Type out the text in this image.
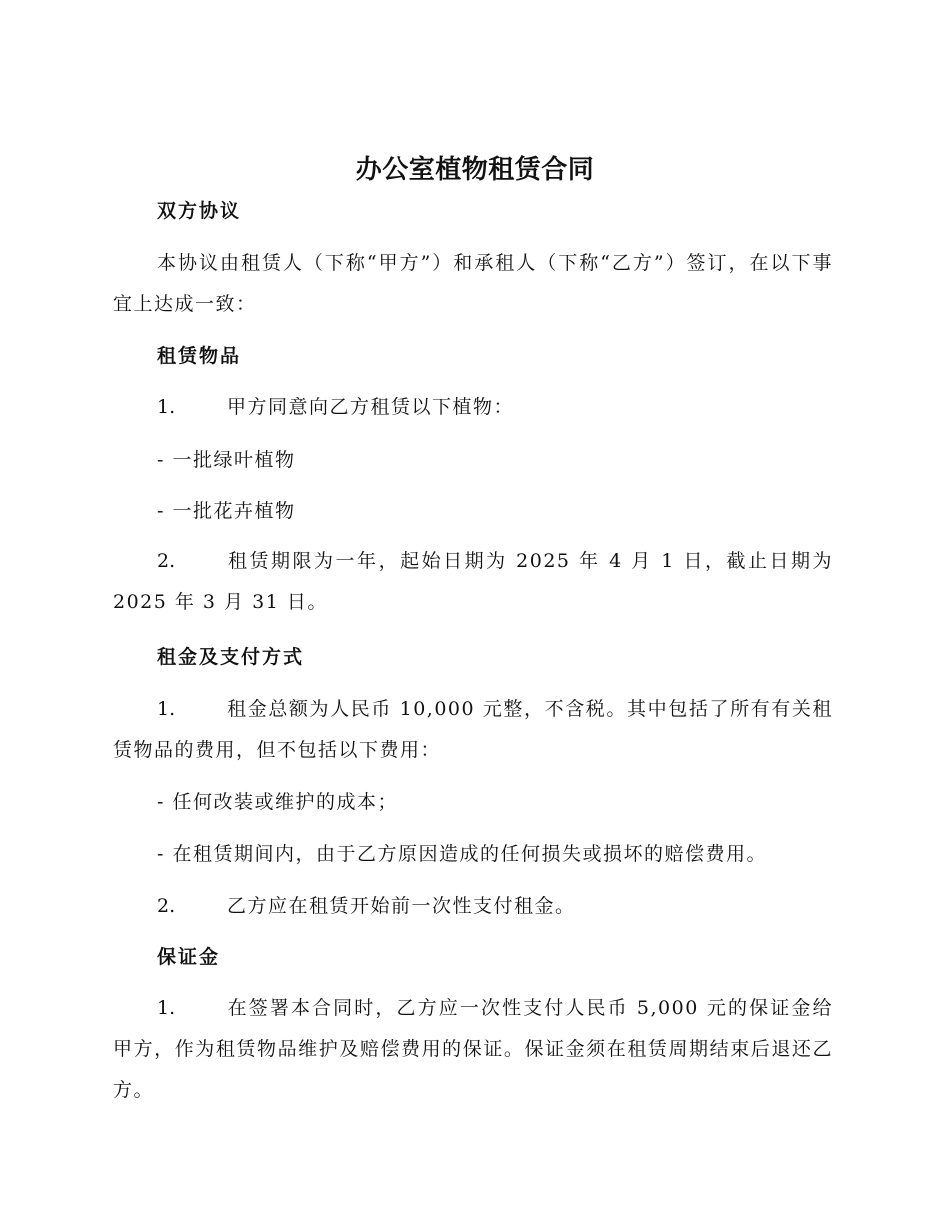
办公室植物租赁合同
双方协议

本协议由租赁人（下称“甲方”）和承租人（下称“乙方”）签订，在以下事宜上达成一致：

租赁物品

1.	甲方同意向乙方租赁以下植物：

- 一批绿叶植物

- 一批花卉植物

2.	租赁期限为一年，起始日期为 2025 年 4 月 1 日，截止日期为 2025 年 3 月 31 日。

租金及支付方式

1.	租金总额为人民币 10,000 元整，不含税。其中包括了所有有关租赁物品的费用，但不包括以下费用：

- 任何改装或维护的成本；

- 在租赁期间内，由于乙方原因造成的任何损失或损坏的赔偿费用。

2.	乙方应在租赁开始前一次性支付租金。

保证金

1.	在签署本合同时，乙方应一次性支付人民币 5,000 元的保证金给甲方，作为租赁物品维护及赔偿费用的保证。保证金须在租赁周期结束后退还乙方。
